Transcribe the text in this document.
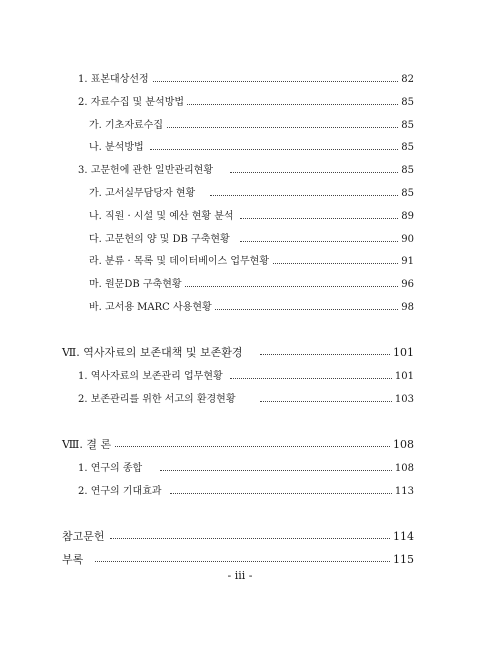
1. 표본대상선정	82
2. 자료수집 및 분석방법	85
가. 기초자료수집	85
나. 분석방법	85
3. 고문헌에 관한 일반관리현황	85
가. 고서실무담당자 현황	85
나. 직원 · 시설 및 예산 현황 분석	89
다. 고문헌의 양 및 DB 구축현황	90
라. 분류 · 목록 및 데이터베이스 업무현황	91
마. 원문DB 구축현황	96
바. 고서용 MARC 사용현황	98
Ⅶ. 역사자료의 보존대책 및 보존환경	101
1. 역사자료의 보존관리 업무현황	101
2. 보존관리를 위한 서고의 환경현황	103
Ⅷ. 결 론	108
1. 연구의 종합	108
2. 연구의 기대효과	113
참고문헌	114
부록	115
- iii -
